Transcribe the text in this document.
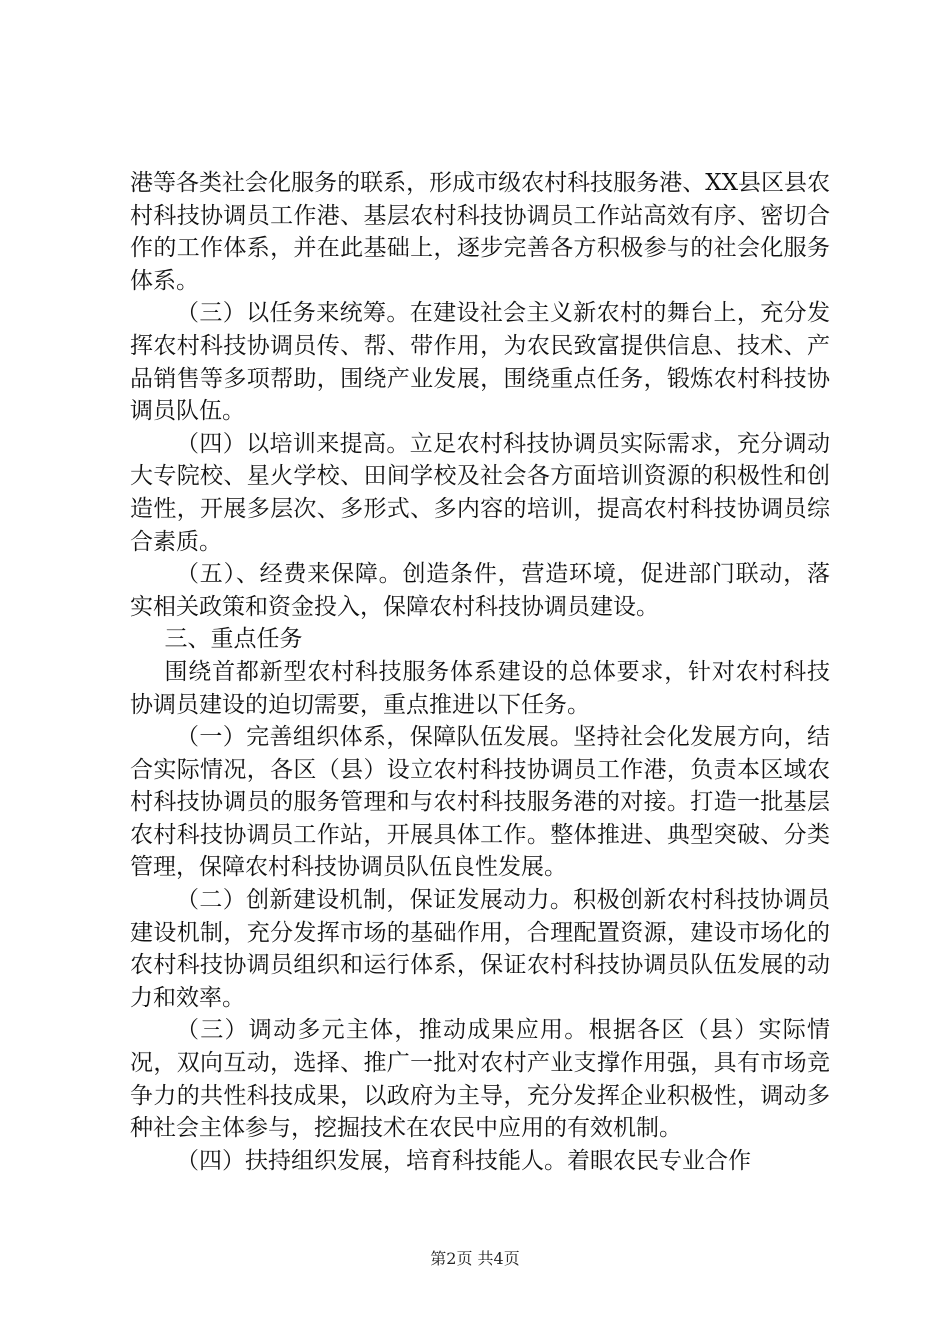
港等各类社会化服务的联系，形成市级农村科技服务港、XX县区县农村科技协调员工作港、基层农村科技协调员工作站高效有序、密切合作的工作体系，并在此基础上，逐步完善各方积极参与的社会化服务体系。

（三）以任务来统筹。在建设社会主义新农村的舞台上，充分发挥农村科技协调员传、帮、带作用，为农民致富提供信息、技术、产品销售等多项帮助，围绕产业发展，围绕重点任务，锻炼农村科技协调员队伍。

（四）以培训来提高。立足农村科技协调员实际需求，充分调动大专院校、星火学校、田间学校及社会各方面培训资源的积极性和创造性，开展多层次、多形式、多内容的培训，提高农村科技协调员综合素质。

（五）、经费来保障。创造条件，营造环境，促进部门联动，落实相关政策和资金投入，保障农村科技协调员建设。

三、重点任务

围绕首都新型农村科技服务体系建设的总体要求，针对农村科技协调员建设的迫切需要，重点推进以下任务。

（一）完善组织体系，保障队伍发展。坚持社会化发展方向，结合实际情况，各区（县）设立农村科技协调员工作港，负责本区域农村科技协调员的服务管理和与农村科技服务港的对接。打造一批基层农村科技协调员工作站，开展具体工作。整体推进、典型突破、分类管理，保障农村科技协调员队伍良性发展。

（二）创新建设机制，保证发展动力。积极创新农村科技协调员建设机制，充分发挥市场的基础作用，合理配置资源，建设市场化的农村科技协调员组织和运行体系，保证农村科技协调员队伍发展的动力和效率。

（三）调动多元主体，推动成果应用。根据各区（县）实际情况，双向互动，选择、推广一批对农村产业支撑作用强，具有市场竞争力的共性科技成果，以政府为主导，充分发挥企业积极性，调动多种社会主体参与，挖掘技术在农民中应用的有效机制。

（四）扶持组织发展，培育科技能人。着眼农民专业合作

第2页 共4页
